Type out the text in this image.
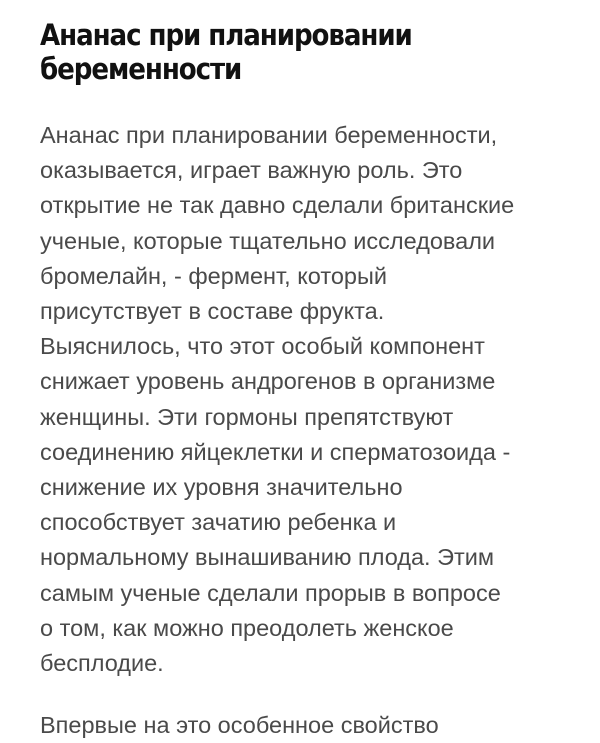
Ананас при планировании
беременности

Ананас при планировании беременности,
оказывается, играет важную роль. Это
открытие не так давно сделали британские
ученые, которые тщательно исследовали
бромелайн, - фермент, который
присутствует в составе фрукта.
Выяснилось, что этот особый компонент
снижает уровень андрогенов в организме
женщины. Эти гормоны препятствуют
соединению яйцеклетки и сперматозоида -
снижение их уровня значительно
способствует зачатию ребенка и
нормальному вынашиванию плода. Этим
самым ученые сделали прорыв в вопросе
о том, как можно преодолеть женское
бесплодие.

Впервые на это особенное свойство
